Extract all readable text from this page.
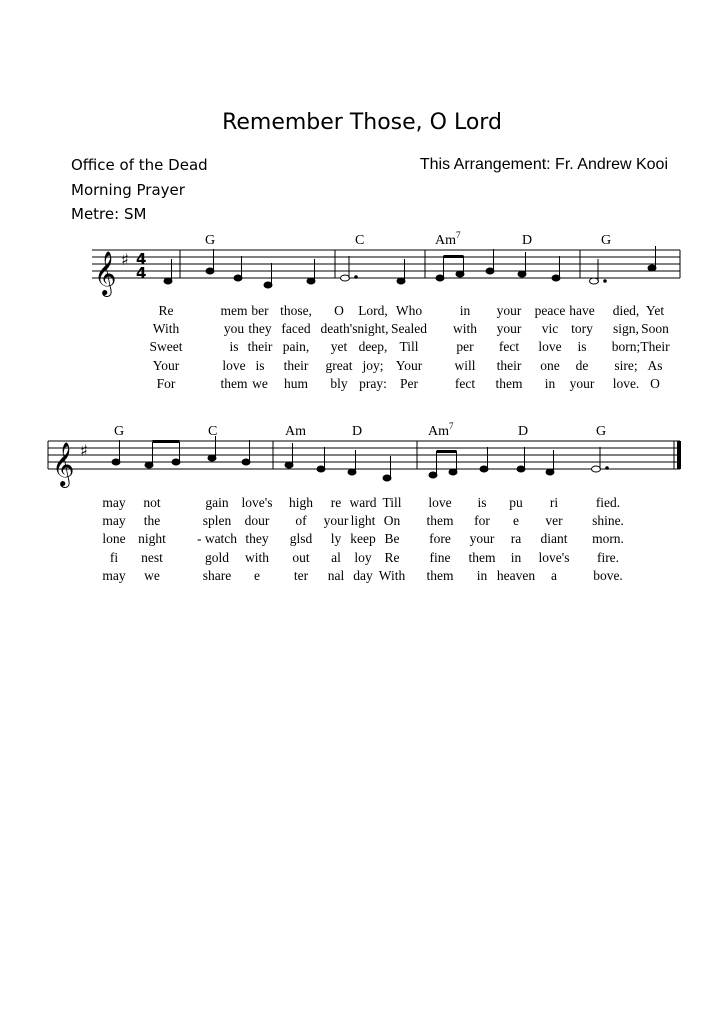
Remember Those, O Lord
Office of the Dead
Morning Prayer
Metre: SM
This Arrangement: Fr. Andrew Kooi
G	C	Am$^7$	D	G
G	C	Am	D	Am$^7$	D	G
𝄞 ♯ 4
4
𝄞 ♯
Re	mem ber those, O Lord, Who	in your peace have died, Yet
With	you they faced death's night, Sealed with your vic tory sign, Soon
Sweet	is their pain, yet deep, Till	per fect love is born; Their
Your	love is their great joy; Your will their one de sire; As
For	them we hum bly pray: Per	fect them in your love. O
may not	gain love's high re ward Till love is pu ri	fied.
may the	splen dour of your light On them for e ver shine.
lone night - watch they glsd ly keep Be fore your ra diant morn.
fi nest	gold with out al loy Re fine them in love's fire.
may we	share e	ter nal day With them in heaven a	bove.
